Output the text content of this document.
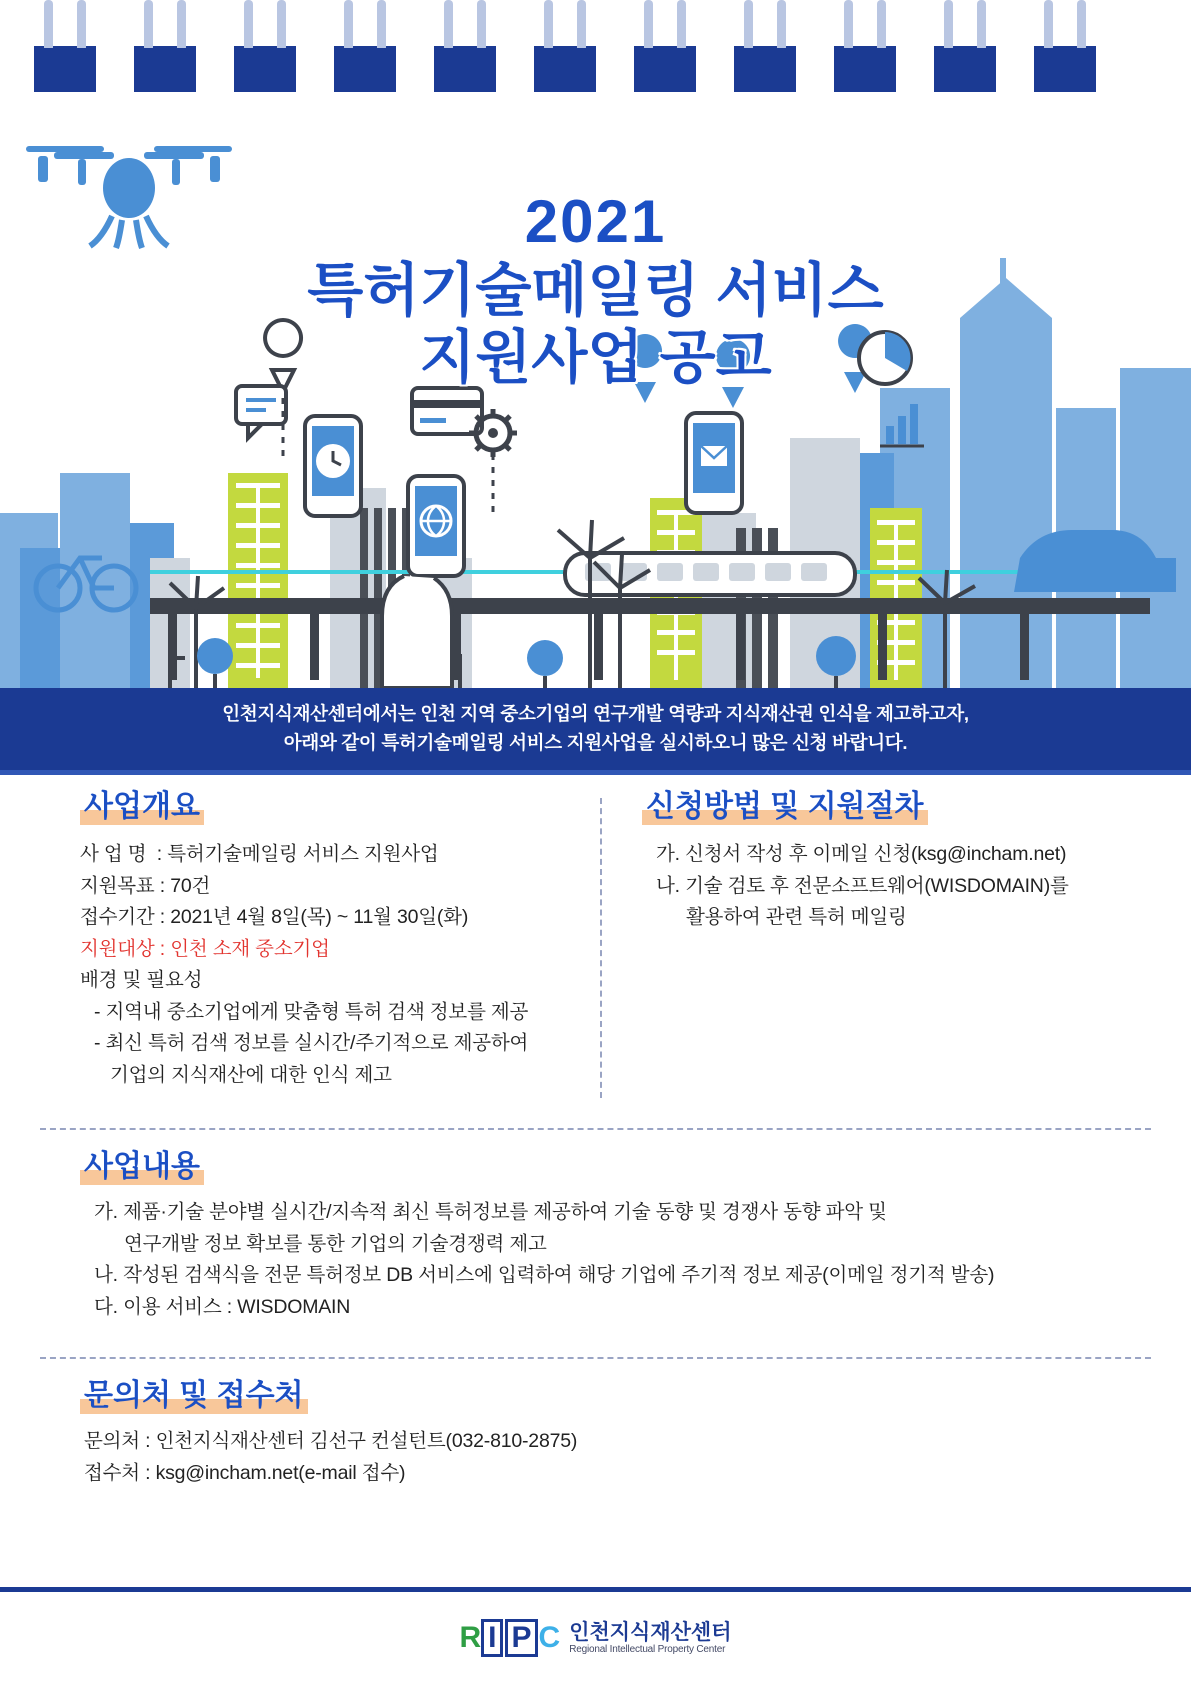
2021
특허기술메일링 서비스
지원사업 공고
인천지식재산센터에서는 인천 지역 중소기업의 연구개발 역량과 지식재산권 인식을 제고하고자,
아래와 같이 특허기술메일링 서비스 지원사업을 실시하오니 많은 신청 바랍니다.
사업개요

사 업 명  : 특허기술메일링 서비스 지원사업

지원목표 : 70건

접수기간 : 2021년 4월 8일(목) ~ 11월 30일(화)

지원대상 : 인천 소재 중소기업

배경 및 필요성

- 지역내 중소기업에게 맞춤형 특허 검색 정보를 제공

- 최신 특허 검색 정보를 실시간/주기적으로 제공하여

기업의 지식재산에 대한 인식 제고

신청방법 및 지원절차

가. 신청서 작성 후 이메일 신청(ksg@incham.net)

나. 기술 검토 후 전문소프트웨어(WISDOMAIN)를

활용하여 관련 특허 메일링

사업내용

가. 제품·기술 분야별 실시간/지속적 최신 특허정보를 제공하여 기술 동향 및 경쟁사 동향 파악 및

연구개발 정보 확보를 통한 기업의 기술경쟁력 제고

나. 작성된 검색식을 전문 특허정보 DB 서비스에 입력하여 해당 기업에 주기적 정보 제공(이메일 정기적 발송)

다. 이용 서비스 : WISDOMAIN

문의처 및 접수처

문의처 : 인천지식재산센터 김선구 컨설턴트(032-810-2875)

접수처 : ksg@incham.net(e-mail 접수)

R I P C 인천지식재산센터
Regional Intellectual Property Center
